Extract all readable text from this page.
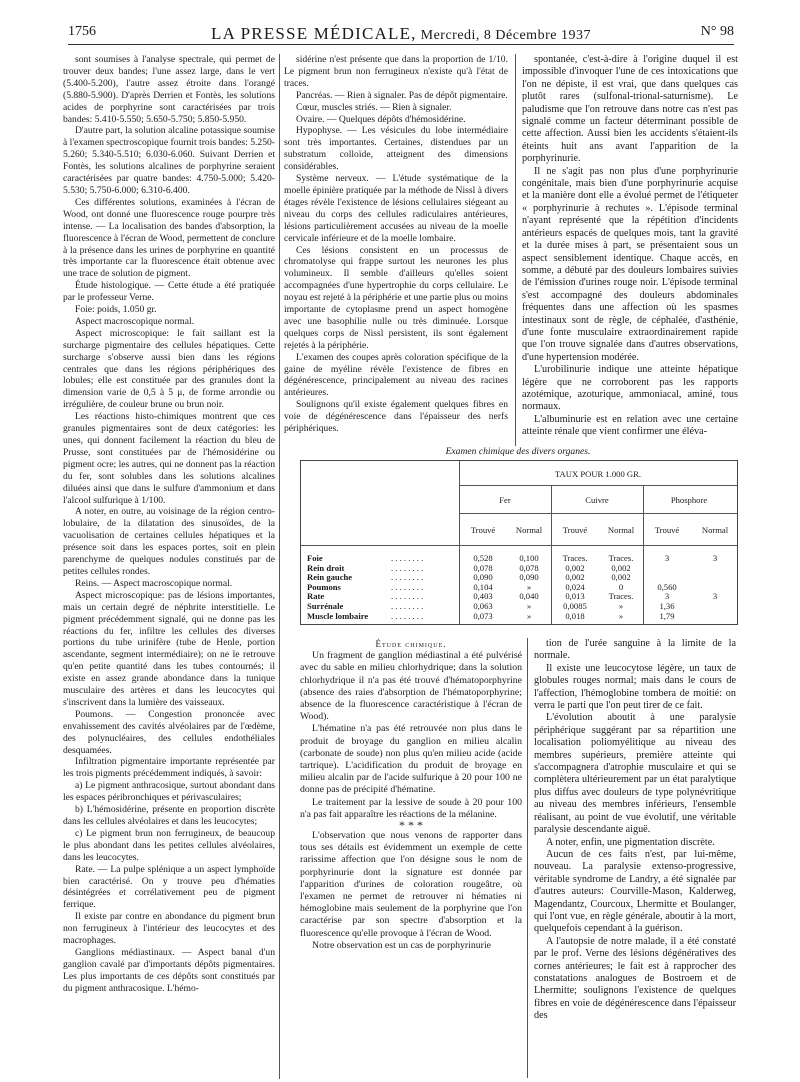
1756	LA PRESSE MÉDICALE, Mercredi, 8 Décembre 1937	N° 98

sont soumises à l'analyse spectrale, qui permet de trouver deux bandes; l'une assez large, dans le vert (5.400-5.200), l'autre assez étroite dans l'orangé (5.880-5.900). D'après Derrien et Fontès, les solutions acides de porphyrine sont caractérisées par trois bandes: 5.410-5.550; 5.650-5.750; 5.850-5.950.

D'autre part, la solution alcaline potassique soumise à l'examen spectroscopique fournit trois bandes: 5.250-5.260; 5.340-5.510; 6.030-6.060. Suivant Derrien et Fontès, les solutions alcalines de porphyrine seraient caractérisées par quatre bandes: 4.750-5.000; 5.420-5.530; 5.750-6.000; 6.310-6.400.

Ces différentes solutions, examinées à l'écran de Wood, ont donné une fluorescence rouge pourpre très intense. — La localisation des bandes d'absorption, la fluorescence à l'écran de Wood, permettent de conclure à la présence dans les urines de porphyrine en quantité très importante car la fluorescence était obtenue avec une trace de solution de pigment.

Étude histologique. — Cette étude a été pratiquée par le professeur Verne.

Foie: poids, 1.050 gr.

Aspect macroscopique normal.

Aspect microscopique: le fait saillant est la surcharge pigmentaire des cellules hépatiques. Cette surcharge s'observe aussi bien dans les régions centrales que dans les régions périphériques des lobules; elle est constituée par des granules dont la dimension varie de 0,5 à 5 μ, de forme arrondie ou irrégulière, de couleur brune ou brun noir.

Les réactions histo-chimiques montrent que ces granules pigmentaires sont de deux catégories: les unes, qui donnent facilement la réaction du bleu de Prusse, sont constituées par de l'hémosidérine ou pigment ocre; les autres, qui ne donnent pas la réaction du fer, sont solubles dans les solutions alcalines diluées ainsi que dans le sulfure d'ammonium et dans l'alcool sulfurique à 1/100.

A noter, en outre, au voisinage de la région centro-lobulaire, de la dilatation des sinusoïdes, de la vacuolisation de certaines cellules hépatiques et la présence soit dans les espaces portes, soit en plein parenchyme de quelques nodules constitués par de petites cellules rondes.

Reins. — Aspect macroscopique normal.

Aspect microscopique: pas de lésions importantes, mais un certain degré de néphrite interstitielle. Le pigment précédemment signalé, qui ne donne pas les réactions du fer, infiltre les cellules des diverses portions du tube urinifère (tube de Henle, portion ascendante, segment intermédiaire); on ne le retrouve qu'en petite quantité dans les tubes contournés; il existe en assez grande abondance dans la tunique musculaire des artères et dans les leucocytes qui s'inscrivent dans la lumière des vaisseaux.

Poumons. — Congestion prononcée avec envahissement des cavités alvéolaires par de l'œdème, des polynucléaires, des cellules endothéliales desquamées.

Infiltration pigmentaire importante représentée par les trois pigments précédemment indiqués, à savoir:

a) Le pigment anthracosique, surtout abondant dans les espaces péribronchiques et périvasculaires;

b) L'hémosidérine, présente en proportion discrète dans les cellules alvéolaires et dans les leucocytes;

c) Le pigment brun non ferrugineux, de beaucoup le plus abondant dans les petites cellules alvéolaires, dans les leucocytes.

Rate. — La pulpe splénique a un aspect lymphoïde bien caractérisé. On y trouve peu d'hématies désintégrées et corrélativement peu de pigment ferrique.

Il existe par contre en abondance du pigment brun non ferrugineux à l'intérieur des leucocytes et des macrophages.

Ganglions médiastinaux. — Aspect banal d'un ganglion cavalé par d'importants dépôts pigmentaires. Les plus importants de ces dépôts sont constitués par du pigment anthracosique. L'hémo-

sidérine n'est présente que dans la proportion de 1/10. Le pigment brun non ferrugineux n'existe qu'à l'état de traces.

Pancréas. — Rien à signaler. Pas de dépôt pigmentaire.

Cœur, muscles striés. — Rien à signaler.

Ovaire. — Quelques dépôts d'hémosidérine.

Hypophyse. — Les vésicules du lobe intermédiaire sont très importantes. Certaines, distendues par un substratum colloïde, atteignent des dimensions considérables.

Système nerveux. — L'étude systématique de la moelle épinière pratiquée par la méthode de Nissl à divers étages révèle l'existence de lésions cellulaires siégeant au niveau du corps des cellules radiculaires antérieures, lésions particulièrement accusées au niveau de la moelle cervicale inférieure et de la moelle lombaire.

Ces lésions consistent en un processus de chromatolyse qui frappe surtout les neurones les plus volumineux. Il semble d'ailleurs qu'elles soient accompagnées d'une hypertrophie du corps cellulaire. Le noyau est rejeté à la périphérie et une partie plus ou moins importante de cytoplasme prend un aspect homogène avec une basophilie nulle ou très diminuée. Lorsque quelques corps de Nissl persistent, ils sont également rejetés à la périphérie.

L'examen des coupes après coloration spécifique de la gaine de myéline révèle l'existence de fibres en dégénérescence, principalement au niveau des racines antérieures.

Soulignons qu'il existe également quelques fibres en voie de dégénérescence dans l'épaisseur des nerfs périphériques.

spontanée, c'est-à-dire à l'origine duquel il est impossible d'invoquer l'une de ces intoxications que l'on ne dépiste, il est vrai, que dans quelques cas plutôt rares (sulfonal-trional-saturnisme). Le paludisme que l'on retrouve dans notre cas n'est pas signalé comme un facteur déterminant possible de cette affection. Aussi bien les accidents s'étaient-ils éteints huit ans avant l'apparition de la porphyrinurie.

Il ne s'agit pas non plus d'une porphyrinurie congénitale, mais bien d'une porphyrinurie acquise et la manière dont elle a évolué permet de l'étiqueter « porphyrinurie à rechutes ». L'épisode terminal n'ayant représenté que la répétition d'incidents antérieurs espacés de quelques mois, tant la gravité et la durée mises à part, se présentaient sous un aspect sensiblement identique. Chaque accès, en somme, a débuté par des douleurs lombaires suivies de l'émission d'urines rouge noir. L'épisode terminal s'est accompagné des douleurs abdominales fréquentes dans une affection où les spasmes intestinaux sont de règle, de céphalée, d'asthénie, d'une fonte musculaire extraordinairement rapide que l'on trouve signalée dans d'autres observations, d'une hypertension modérée.

L'urobilinurie indique une atteinte hépatique légère que ne corroborent pas les rapports azotémique, azoturique, ammoniacal, aminé, tous normaux.

L'albuminurie est en relation avec une certaine atteinte rénale que vient confirmer une éléva-

Examen chimique des divers organes.
TAUX POUR 1.000 GR.
Fer	Cuivre	Phosphore
Trouvé	Normal	Trouvé	Normal	Trouvé	Normal
Foie	. . . . . . . .	0,528	0,100	Traces.	Traces.	3	3
Rein droit	. . . . . . . .	0,078	0,078	0,002	0,002
Rein gauche	. . . . . . . .	0,090	0,090	0,002	0,002
Poumons	. . . . . . . .	0,104	»	0,024	0	0,560
Rate	. . . . . . . .	0,403	0,040	0,013	Traces.	3	3
Surrénale	. . . . . . . .	0,063	»	0,0085	»	1,36
Muscle lombaire	. . . . . . . .	0,073	»	0,018	»	1,79

Étude chimique.

Un fragment de ganglion médiastinal a été pulvérisé avec du sable en milieu chlorhydrique; dans la solution chlorhydrique il n'a pas été trouvé d'hématoporphyrine (absence des raies d'absorption de l'hématoporphyrine; absence de la fluorescence caractéristique à l'écran de Wood).

L'hématine n'a pas été retrouvée non plus dans le produit de broyage du ganglion en milieu alcalin (carbonate de soude) non plus qu'en milieu acide (acide tartrique). L'acidification du produit de broyage en milieu alcalin par de l'acide sulfurique à 20 pour 100 ne donne pas de précipité d'hématine.

Le traitement par la lessive de soude à 20 pour 100 n'a pas fait apparaître les réactions de la mélanine.

* * *

L'observation que nous venons de rapporter dans tous ses détails est évidemment un exemple de cette rarissime affection que l'on désigne sous le nom de porphyrinurie dont la signature est donnée par l'apparition d'urines de coloration rougeâtre, où l'examen ne permet de retrouver ni hématies ni hémoglobine mais seulement de la porphyrine que l'on caractérise par son spectre d'absorption et la fluorescence qu'elle provoque à l'écran de Wood.

Notre observation est un cas de porphyrinurie

tion de l'urée sanguine à la limite de la normale.

Il existe une leucocytose légère, un taux de globules rouges normal; mais dans le cours de l'affection, l'hémoglobine tombera de moitié: on verra le parti que l'on peut tirer de ce fait.

L'évolution aboutit à une paralysie périphérique suggérant par sa répartition une localisation poliomyélitique au niveau des membres supérieurs, première atteinte qui s'accompagnera d'atrophie musculaire et qui se complètera ultérieurement par un état paralytique plus diffus avec douleurs de type polynévritique au niveau des membres inférieurs, l'ensemble réalisant, au point de vue évolutif, une véritable paralysie descendante aiguë.

A noter, enfin, une pigmentation discrète.

Aucun de ces faits n'est, par lui-même, nouveau. La paralysie extenso-progressive, véritable syndrome de Landry, a été signalée par d'autres auteurs: Courville-Mason, Kalderweg, Magendantz, Courcoux, Lhermitte et Boulanger, qui l'ont vue, en règle générale, aboutir à la mort, quelquefois cependant à la guérison.

A l'autopsie de notre malade, il a été constaté par le prof. Verne des lésions dégénératives des cornes antérieures; le fait est à rapprocher des constatations analogues de Bostroem et de Lhermitte; soulignons l'existence de quelques fibres en voie de dégénérescence dans l'épaisseur des
